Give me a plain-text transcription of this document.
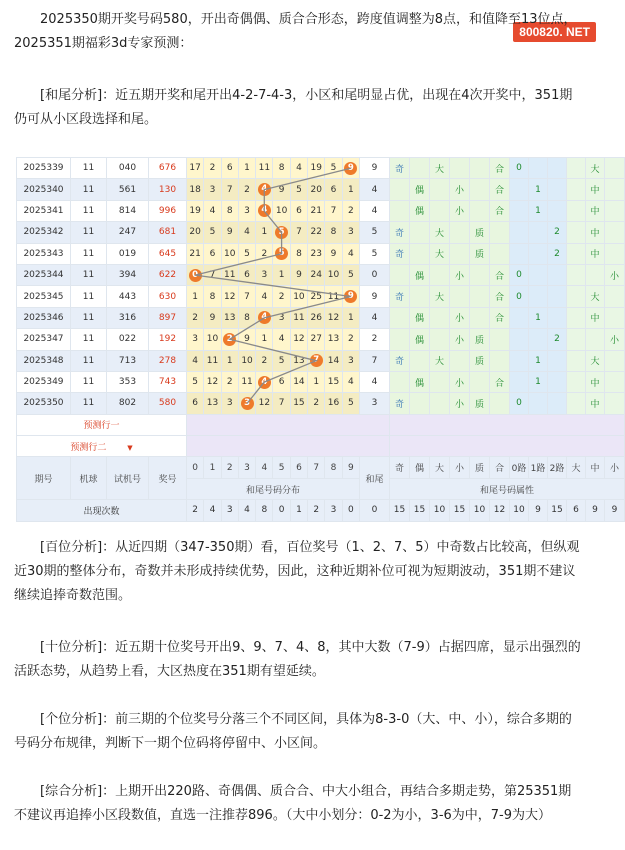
800820. NET
2025350期开奖号码580，开出奇偶偶、质合合形态，跨度值调整为8点，和值降至13位点，
2025351期福彩3d专家预测：
[和尾分析]：近五期开奖和尾开出4-2-7-4-3，小区和尾明显占优，出现在4次开奖中，351期仍可从小区段选择和尾。
2025339	11	040	676	17	2	6	1	11	8	4	19	5	9	9	奇		大			合	0				大	
2025340	11	561	130	18	3	7	2	4	9	5	20	6	1	4		偶		小		合		1			中	
2025341	11	814	996	19	4	8	3	4	10	6	21	7	2	4		偶		小		合		1			中	
2025342	11	247	681	20	5	9	4	1	5	7	22	8	3	5	奇		大		质				2		中	
2025343	11	019	645	21	6	10	5	2	5	8	23	9	4	5	奇		大		质				2		中	
2025344	11	394	622	0	7	11	6	3	1	9	24	10	5	0		偶		小		合	0					小
2025345	11	443	630	1	8	12	7	4	2	10	25	11	9	9	奇		大			合	0				大	
2025346	11	316	897	2	9	13	8	4	3	11	26	12	1	4		偶		小		合		1			中	
2025347	11	022	192	3	10	2	9	1	4	12	27	13	2	2		偶		小	质				2			小
2025348	11	713	278	4	11	1	10	2	5	13	7	14	3	7	奇		大		质			1			大	
2025349	11	353	743	5	12	2	11	4	6	14	1	15	4	4		偶		小		合		1			中	
2025350	11	802	580	6	13	3	3	12	7	15	2	16	5	3	奇			小	质		0				中	
预测行一																										
预测行二 ▼																										
期号	机球	试机号	奖号	0	1	2	3	4	5	6	7	8	9	和尾	奇	偶	大	小	质	合	0路	1路	2路	大	中	小
				和尾号码分布											和尾号码属性											
出现次数				2	4	3	4	8	0	1	2	3	0	0	15	15	10	15	10	12	10	9	15	6	9	9
[百位分析]：从近四期（347-350期）看，百位奖号（1、2、7、5）中奇数占比较高，但纵观近30期的整体分布，奇数并未形成持续优势，因此，这种近期补位可视为短期波动，351期不建议继续追捧奇数范围。
[十位分析]：近五期十位奖号开出9、9、7、4、8，其中大数（7-9）占据四席，显示出强烈的活跃态势，从趋势上看，大区热度在351期有望延续。
[个位分析]：前三期的个位奖号分落三个不同区间，具体为8-3-0（大、中、小），综合多期的号码分布规律，判断下一期个位码将停留中、小区间。
[综合分析]：上期开出220路、奇偶偶、质合合、中大小组合，再结合多期走势，第25351期不建议再追捧小区段数值，直选一注推荐896。（大中小划分：0-2为小，3-6为中，7-9为大）
